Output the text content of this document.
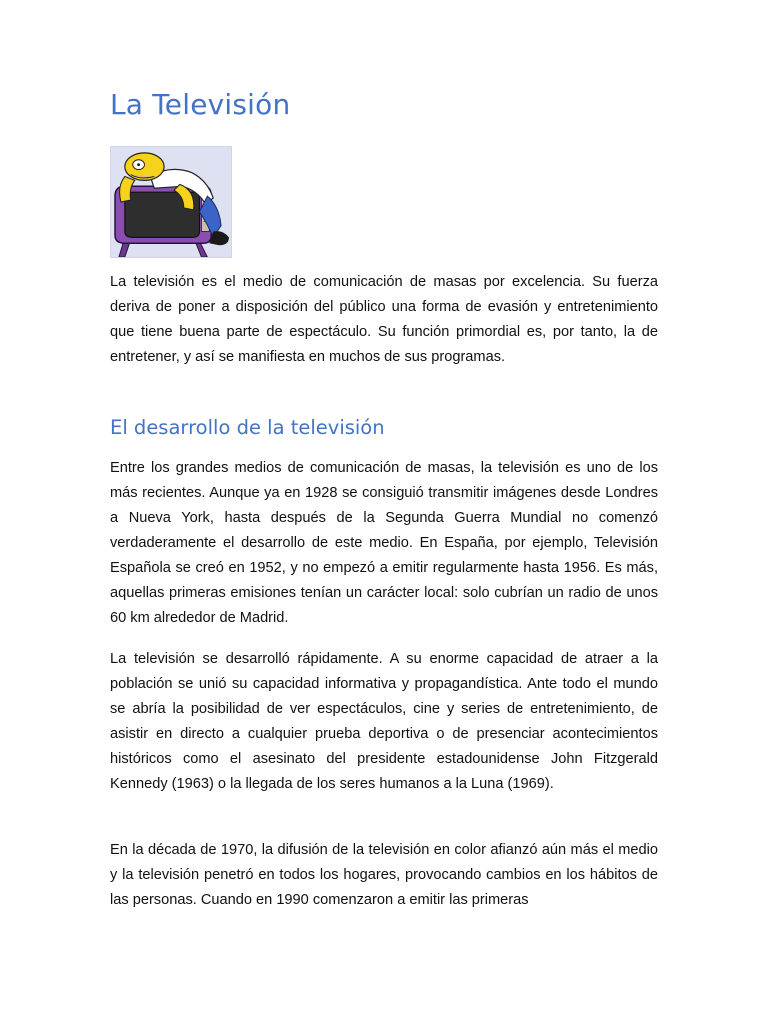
La Televisión

La televisión es el medio de comunicación de masas por excelencia. Su fuerza deriva de poner a disposición del público una forma de evasión y entretenimiento que tiene buena parte de espectáculo. Su función primordial es, por tanto, la de entretener, y así se manifiesta en muchos de sus programas.

El desarrollo de la televisión

Entre los grandes medios de comunicación de masas, la televisión es uno de los más recientes. Aunque ya en 1928 se consiguió transmitir imágenes desde Londres a Nueva York, hasta después de la Segunda Guerra Mundial no comenzó verdaderamente el desarrollo de este medio. En España, por ejemplo, Televisión Española se creó en 1952, y no empezó a emitir regularmente hasta 1956. Es más, aquellas primeras emisiones tenían un carácter local: solo cubrían un radio de unos 60 km alrededor de Madrid.

La televisión se desarrolló rápidamente. A su enorme capacidad de atraer a la población se unió su capacidad informativa y propagandística. Ante todo el mundo se abría la posibilidad de ver espectáculos, cine y series de entretenimiento, de asistir en directo a cualquier prueba deportiva o de presenciar acontecimientos históricos como el asesinato del presidente estadounidense John Fitzgerald Kennedy (1963) o la llegada de los seres humanos a la Luna (1969).

En la década de 1970, la difusión de la televisión en color afianzó aún más el medio y la televisión penetró en todos los hogares, provocando cambios en los hábitos de las personas. Cuando en 1990 comenzaron a emitir las primeras
